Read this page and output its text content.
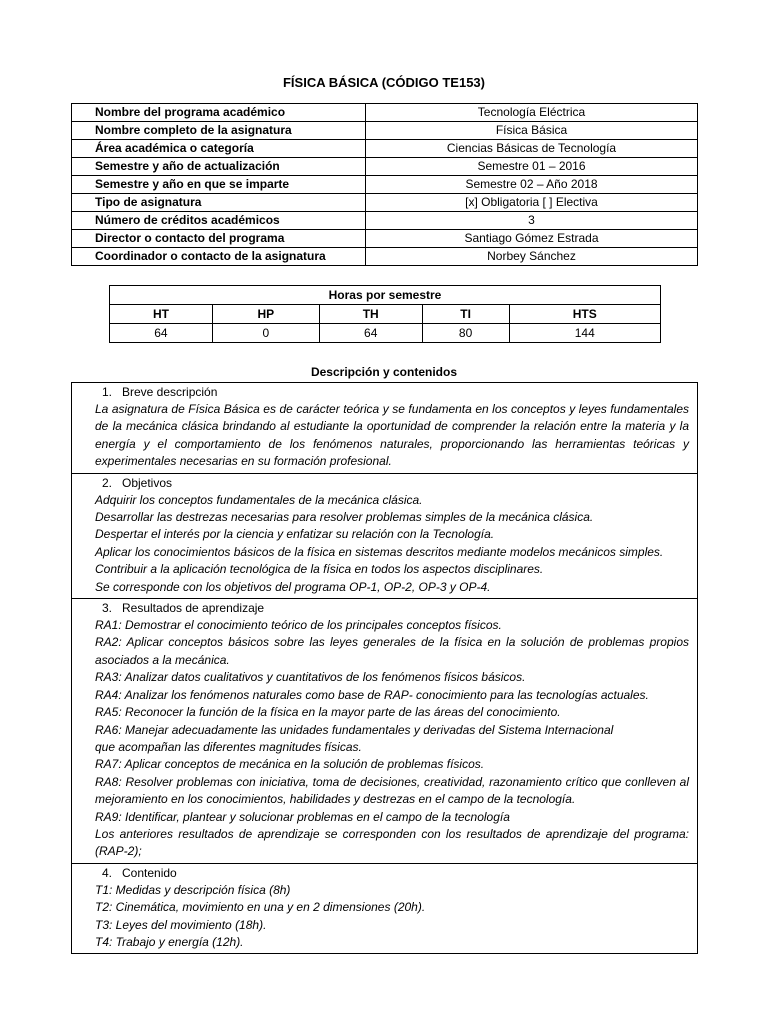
FÍSICA BÁSICA (CÓDIGO TE153)
Nombre del programa académico	Tecnología Eléctrica
Nombre completo de la asignatura	Física Básica
Área académica o categoría	Ciencias Básicas de Tecnología
Semestre y año de actualización	Semestre 01 – 2016
Semestre y año en que se imparte	Semestre 02 – Año 2018
Tipo de asignatura	[x] Obligatoria [ ] Electiva
Número de créditos académicos	3
Director o contacto del programa	Santiago Gómez Estrada
Coordinador o contacto de la asignatura	Norbey Sánchez
Horas por semestre				
HT	HP	TH	TI	HTS
64	0	64	80	144
Descripción y contenidos
1. Breve descripción
La asignatura de Física Básica es de carácter teórica y se fundamenta en los conceptos y leyes fundamentales de la mecánica clásica brindando al estudiante la oportunidad de comprender la relación entre la materia y la energía y el comportamiento de los fenómenos naturales, proporcionando las herramientas teóricas y experimentales necesarias en su formación profesional.

2. Objetivos
Adquirir los conceptos fundamentales de la mecánica clásica.
Desarrollar las destrezas necesarias para resolver problemas simples de la mecánica clásica.
Despertar el interés por la ciencia y enfatizar su relación con la Tecnología.
Aplicar los conocimientos básicos de la física en sistemas descritos mediante modelos mecánicos simples.
Contribuir a la aplicación tecnológica de la física en todos los aspectos disciplinares.
Se corresponde con los objetivos del programa OP-1, OP-2, OP-3 y OP-4.

3. Resultados de aprendizaje
RA1: Demostrar el conocimiento teórico de los principales conceptos físicos.
RA2: Aplicar conceptos básicos sobre las leyes generales de la física en la solución de problemas propios asociados a la mecánica.
RA3: Analizar datos cualitativos y cuantitativos de los fenómenos físicos básicos.
RA4: Analizar los fenómenos naturales como base de RAP- conocimiento para las tecnologías actuales.
RA5: Reconocer la función de la física en la mayor parte de las áreas del conocimiento.
RA6: Manejar adecuadamente las unidades fundamentales y derivadas del Sistema Internacional
que acompañan las diferentes magnitudes físicas.
RA7: Aplicar conceptos de mecánica en la solución de problemas físicos.
RA8: Resolver problemas con iniciativa, toma de decisiones, creatividad, razonamiento crítico que conlleven al mejoramiento en los conocimientos, habilidades y destrezas en el campo de la tecnología.
RA9: Identificar, plantear y solucionar problemas en el campo de la tecnología
Los anteriores resultados de aprendizaje se corresponden con los resultados de aprendizaje del programa: (RAP-2);

4. Contenido
T1: Medidas y descripción física (8h)
T2: Cinemática, movimiento en una y en 2 dimensiones (20h).
T3: Leyes del movimiento (18h).
T4: Trabajo y energía (12h).
